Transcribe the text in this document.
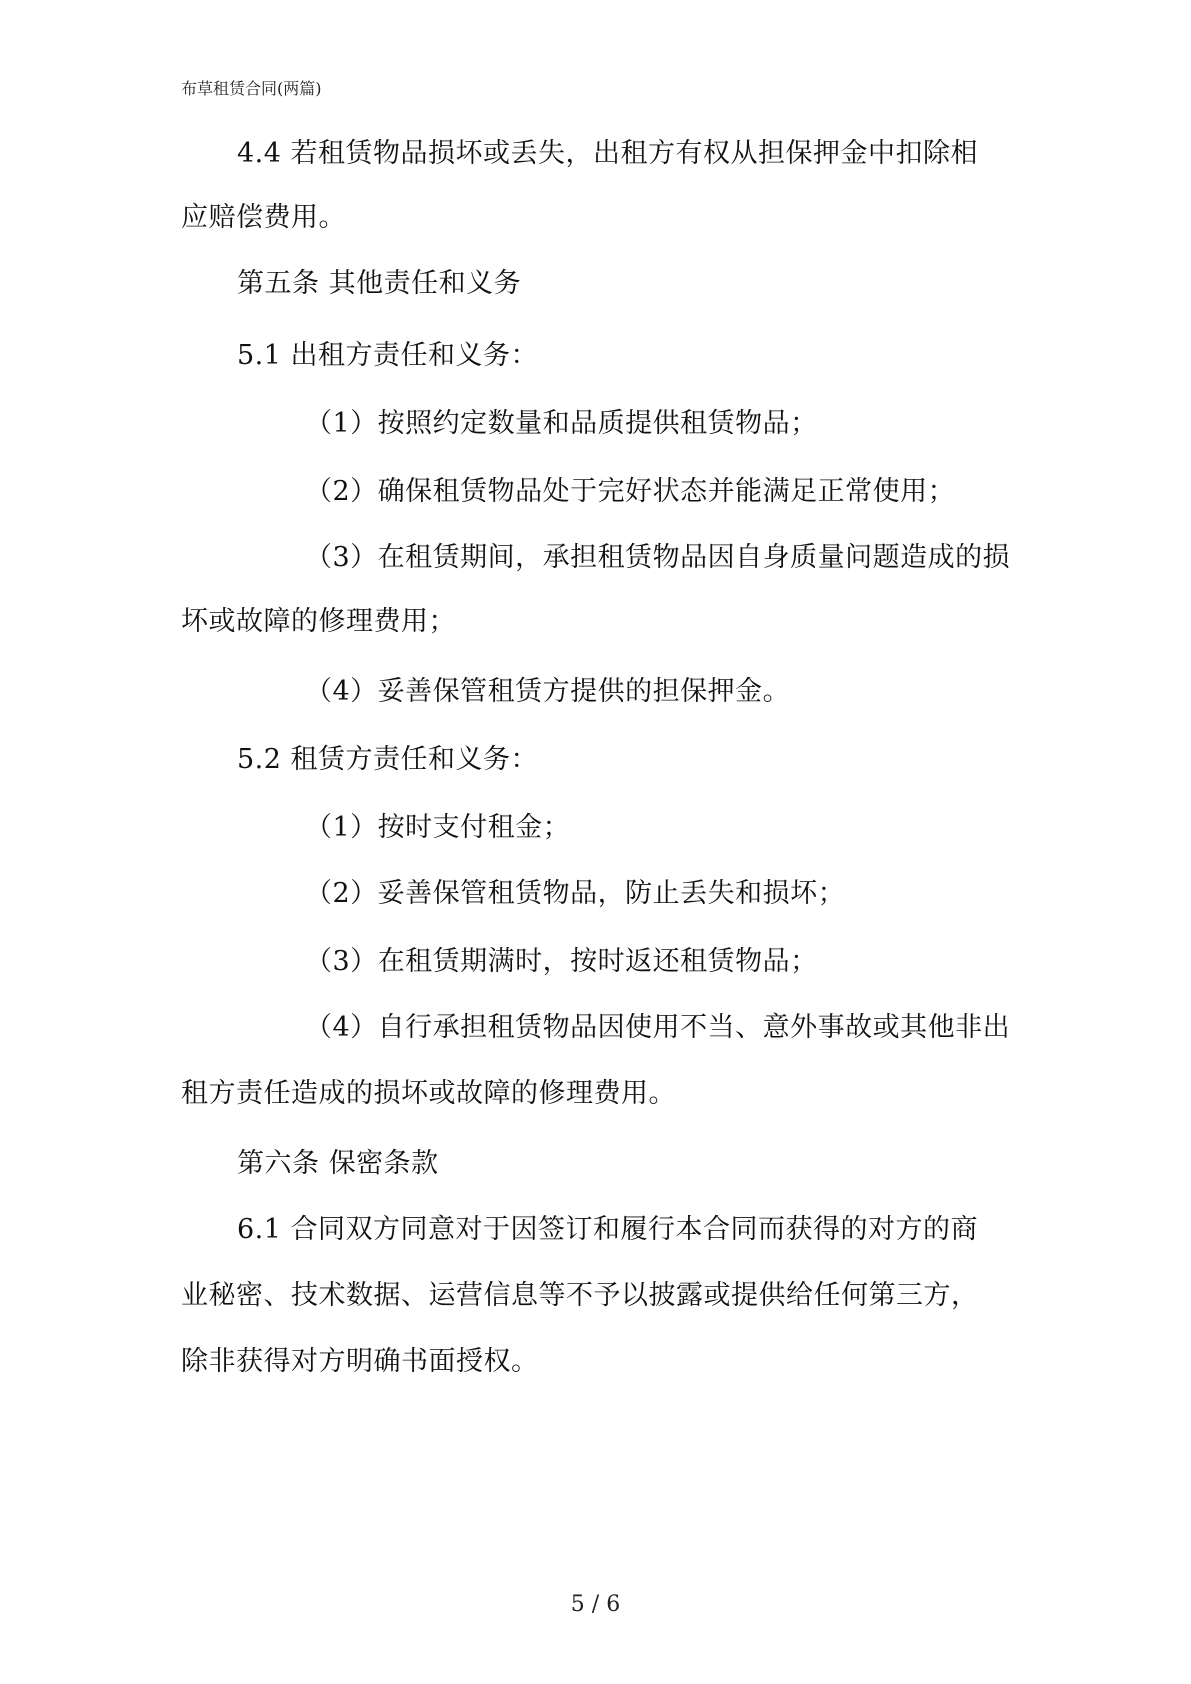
布草租赁合同(两篇)
4.4 若租赁物品损坏或丢失，出租方有权从担保押金中扣除相
应赔偿费用。
第五条 其他责任和义务
5.1 出租方责任和义务：
（1）按照约定数量和品质提供租赁物品；
（2）确保租赁物品处于完好状态并能满足正常使用；
（3）在租赁期间，承担租赁物品因自身质量问题造成的损
坏或故障的修理费用；
（4）妥善保管租赁方提供的担保押金。
5.2 租赁方责任和义务：
（1）按时支付租金；
（2）妥善保管租赁物品，防止丢失和损坏；
（3）在租赁期满时，按时返还租赁物品；
（4）自行承担租赁物品因使用不当、意外事故或其他非出
租方责任造成的损坏或故障的修理费用。
第六条 保密条款
6.1 合同双方同意对于因签订和履行本合同而获得的对方的商
业秘密、技术数据、运营信息等不予以披露或提供给任何第三方，
除非获得对方明确书面授权。
5 / 6
